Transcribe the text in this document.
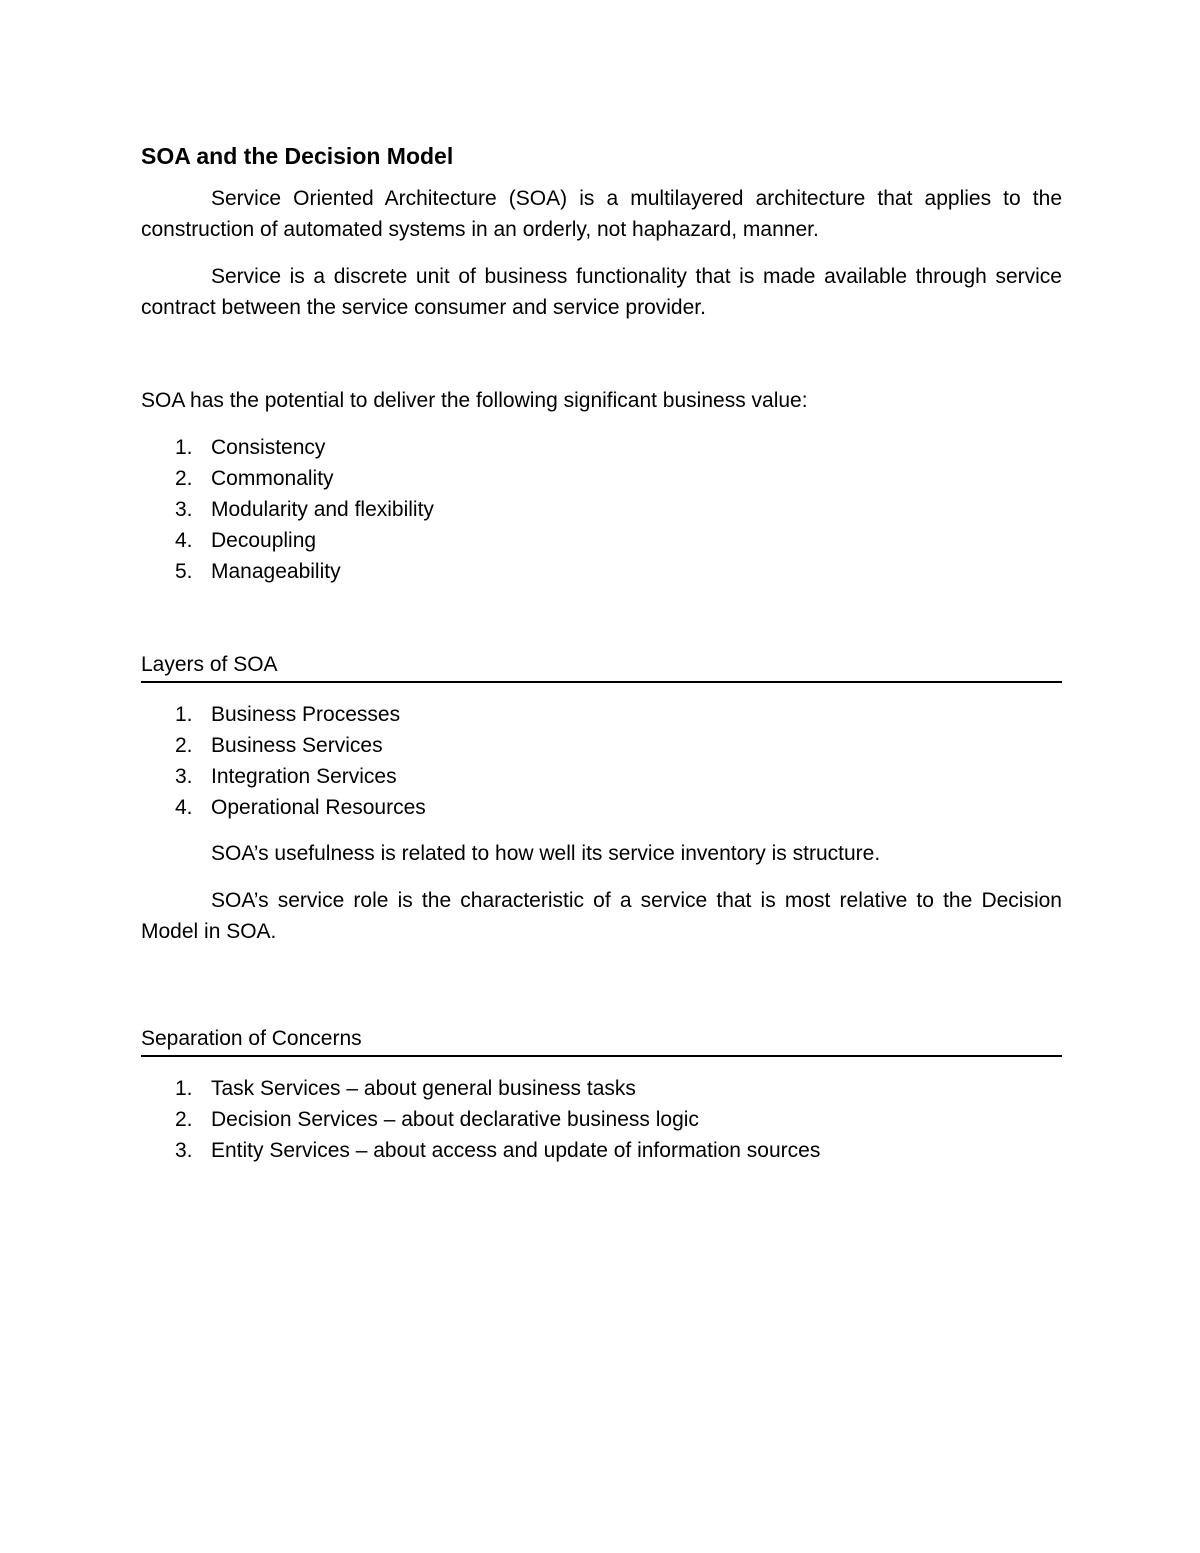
SOA and the Decision Model

Service Oriented Architecture (SOA) is a multilayered architecture that applies to the construction of automated systems in an orderly, not haphazard, manner.

Service is a discrete unit of business functionality that is made available through service contract between the service consumer and service provider.

SOA has the potential to deliver the following significant business value:

1. Consistency
2. Commonality
3. Modularity and flexibility
4. Decoupling
5. Manageability
Layers of SOA
1. Business Processes
2. Business Services
3. Integration Services
4. Operational Resources

SOA’s usefulness is related to how well its service inventory is structure.

SOA’s service role is the characteristic of a service that is most relative to the Decision Model in SOA.

Separation of Concerns
1. Task Services – about general business tasks
2. Decision Services – about declarative business logic
3. Entity Services – about access and update of information sources
